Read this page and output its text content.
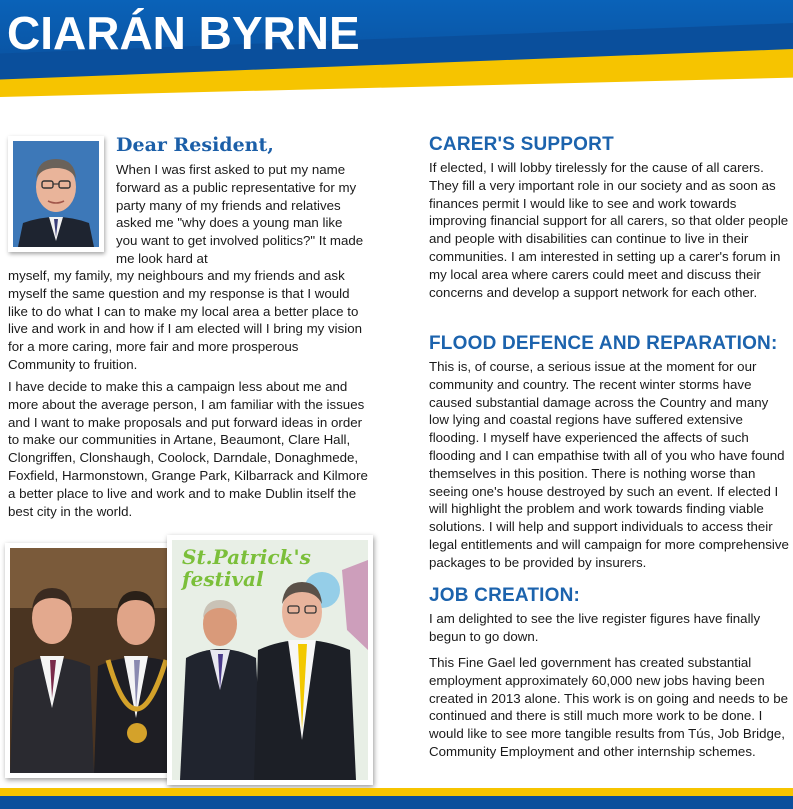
CIARÁN BYRNE
Dear Resident,

When I was first asked to put my name forward as a public representative for my party many of my friends and relatives asked me "why does a young man like you want to get involved politics?" It made me look hard at

myself, my family, my neighbours and my friends and ask myself the same question and my response is that I would like to do what I can to make my local area a better place to live and work in and how if I am elected will I bring my vision for a more caring, more fair and more prosperous Community to fruition.

I have decide to make this a campaign less about me and more about the average person, I am familiar with the issues and I want to make proposals and put forward ideas in order to make our communities in Artane, Beaumont, Clare Hall, Clongriffen, Clonshaugh, Coolock, Darndale, Donaghmede, Foxfield, Harmonstown, Grange Park, Kilbarrack and Kilmore a better place to live and work and to make Dublin itself the best city in the world.

St.Patrick's festival
CARER'S SUPPORT

If elected, I will lobby tirelessly for the cause of all carers. They fill a very important role in our society and as soon as finances permit I would like to see and work towards improving financial support for all carers, so that older people and people with disabilities can continue to live in their communities. I am interested in setting up a carer's forum in my local area where carers could meet and discuss their concerns and develop a support network for each other.

FLOOD DEFENCE AND REPARATION:

This is, of course, a serious issue at the moment for our community and country. The recent winter storms have caused substantial damage across the Country and many low lying and coastal regions have suffered extensive flooding. I myself have experienced the affects of such flooding and I can empathise twith all of you who have found themselves in this position. There is nothing worse than seeing one's house destroyed by such an event. If elected I will highlight the problem and work towards finding viable solutions. I will help and support individuals to access their legal entitlements and will campaign for more comprehensive packages to be provided by insurers.

JOB CREATION:

I am delighted to see the live register figures have finally begun to go down.

This Fine Gael led government has created substantial employment approximately 60,000 new jobs having been created in 2013 alone. This work is on going and needs to be continued and there is still much more work to be done. I would like to see more tangible results from Tús, Job Bridge, Community Employment and other internship schemes.
